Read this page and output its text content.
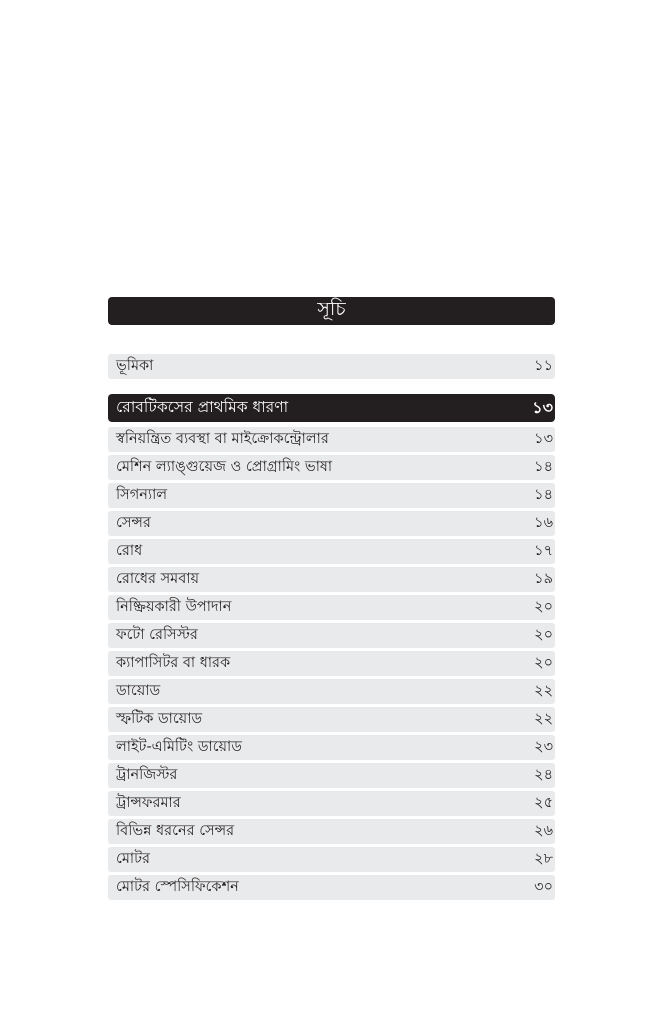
সূচি
ভূমিকা	১১
রোবটিকসের প্রাথমিক ধারণা	১৩
স্বনিয়ন্ত্রিত ব্যবস্থা বা মাইক্রোকন্ট্রোলার	১৩
মেশিন ল্যাঙ্গুয়েজ ও প্রোগ্রামিং ভাষা	১৪
সিগন্যাল	১৪
সেন্সর	১৬
রোধ	১৭
রোধের সমবায়	১৯
নিষ্ক্রিয়কারী উপাদান	২০
ফটো রেসিস্টর	২০
ক্যাপাসিটর বা ধারক	২০
ডায়োড	২২
স্ফটিক ডায়োড	২২
লাইট-এমিটিং ডায়োড	২৩
ট্রানজিস্টর	২৪
ট্রান্সফরমার	২৫
বিভিন্ন ধরনের সেন্সর	২৬
মোটর	২৮
মোটর স্পেসিফিকেশন	৩০
